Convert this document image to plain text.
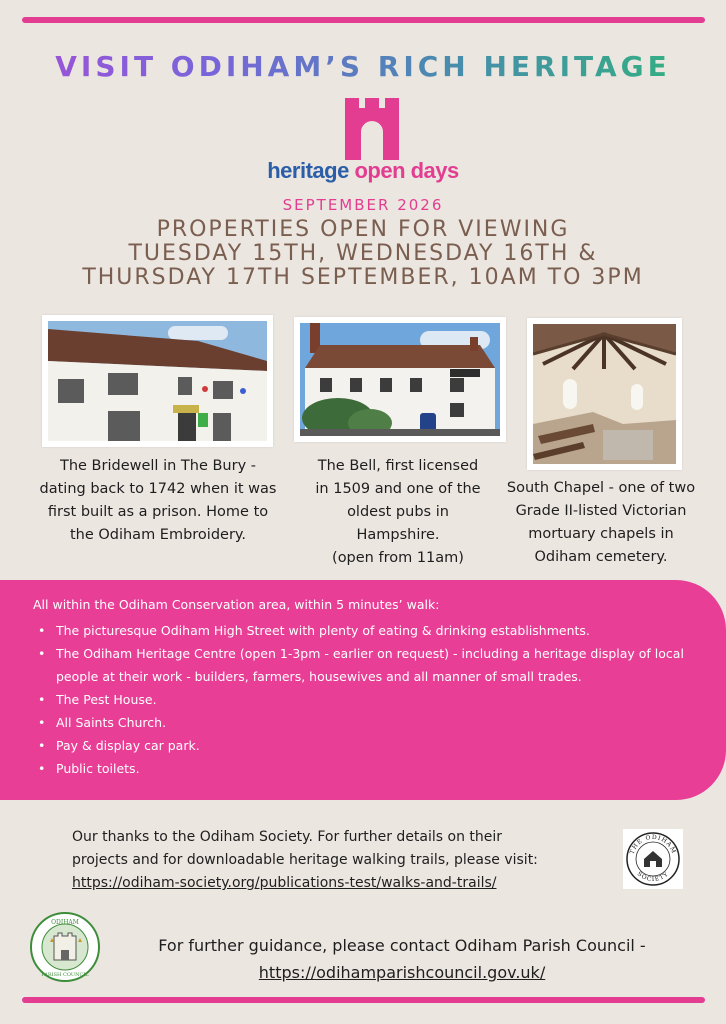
VISIT ODIHAM’S RICH HERITAGE
heritage open days
SEPTEMBER 2026
PROPERTIES OPEN FOR VIEWING
TUESDAY 15TH, WEDNESDAY 16TH &
THURSDAY 17TH SEPTEMBER, 10AM TO 3PM
The Bridewell in The Bury -
dating back to 1742 when it was
first built as a prison. Home to
the Odiham Embroidery.
The Bell, first licensed
in 1509 and one of the
oldest pubs in
Hampshire.
(open from 11am)
South Chapel - one of two
Grade II-listed Victorian
mortuary chapels in
Odiham cemetery.
All within the Odiham Conservation area, within 5 minutes’ walk:
• The picturesque Odiham High Street with plenty of eating & drinking establishments.
• The Odiham Heritage Centre (open 1-3pm - earlier on request) - including a heritage display of local people at their work - builders, farmers, housewives and all manner of small trades.
• The Pest House.
• All Saints Church.
• Pay & display car park.
• Public toilets.
Our thanks to the Odiham Society. For further details on their
projects and for downloadable heritage walking trails, please visit:
https://odiham-society.org/publications-test/walks-and-trails/
THE ODIHAM
SOCIETY
ODIHAM
PARISH COUNCIL
For further guidance, please contact Odiham Parish Council -
https://odihamparishcouncil.gov.uk/
